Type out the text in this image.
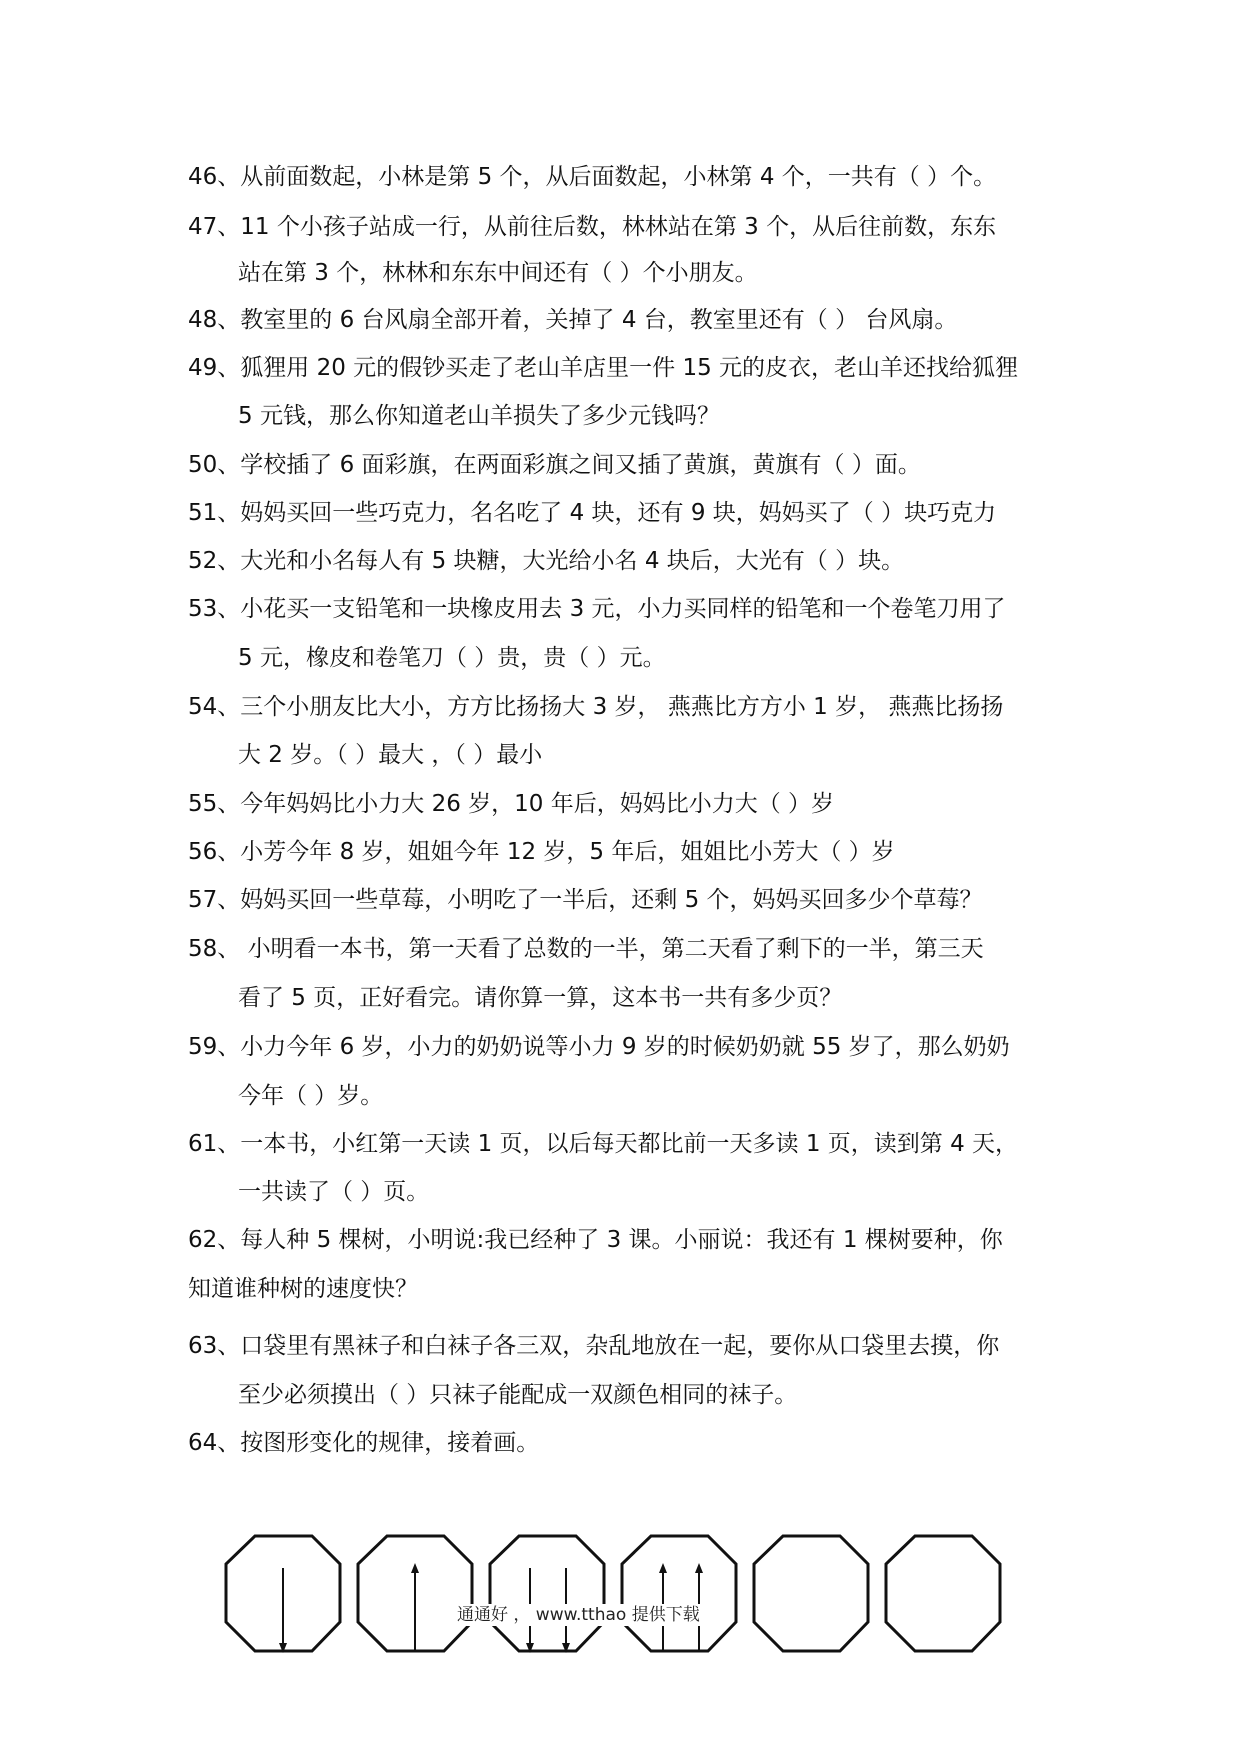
46、从前面数起，小林是第 5 个，从后面数起，小林第 4 个，一共有（ ）个。
47、11 个小孩子站成一行，从前往后数，林林站在第 3 个，从后往前数，东东
站在第 3 个，林林和东东中间还有（ ）个小朋友。
48、教室里的 6 台风扇全部开着，关掉了 4 台，教室里还有（ ） 台风扇。
49、狐狸用 20 元的假钞买走了老山羊店里一件 15 元的皮衣，老山羊还找给狐狸
5 元钱，那么你知道老山羊损失了多少元钱吗？
50、学校插了 6 面彩旗，在两面彩旗之间又插了黄旗，黄旗有（ ）面。
51、妈妈买回一些巧克力，名名吃了 4 块，还有 9 块，妈妈买了（ ）块巧克力
52、大光和小名每人有 5 块糖，大光给小名 4 块后，大光有（ ）块。
53、小花买一支铅笔和一块橡皮用去 3 元，小力买同样的铅笔和一个卷笔刀用了
5 元，橡皮和卷笔刀（ ）贵，贵（ ）元。
54、三个小朋友比大小，方方比扬扬大 3 岁， 燕燕比方方小 1 岁， 燕燕比扬扬
大 2 岁。（ ）最大 ，（ ）最小
55、今年妈妈比小力大 26 岁，10 年后，妈妈比小力大（ ）岁
56、小芳今年 8 岁，姐姐今年 12 岁，5 年后，姐姐比小芳大（ ）岁
57、妈妈买回一些草莓，小明吃了一半后，还剩 5 个，妈妈买回多少个草莓？
58、 小明看一本书，第一天看了总数的一半，第二天看了剩下的一半，第三天
看了 5 页，正好看完。请你算一算，这本书一共有多少页？
59、小力今年 6 岁，小力的奶奶说等小力 9 岁的时候奶奶就 55 岁了，那么奶奶
今年（ ）岁。
61、一本书，小红第一天读 1 页，以后每天都比前一天多读 1 页，读到第 4 天，
一共读了（ ）页。
62、每人种 5 棵树，小明说:我已经种了 3 课。小丽说：我还有 1 棵树要种，你
知道谁种树的速度快？
63、口袋里有黑袜子和白袜子各三双，杂乱地放在一起，要你从口袋里去摸，你
至少必须摸出（ ）只袜子能配成一双颜色相同的袜子。
64、按图形变化的规律，接着画。
通通好 ， www.tthao 提供下载
